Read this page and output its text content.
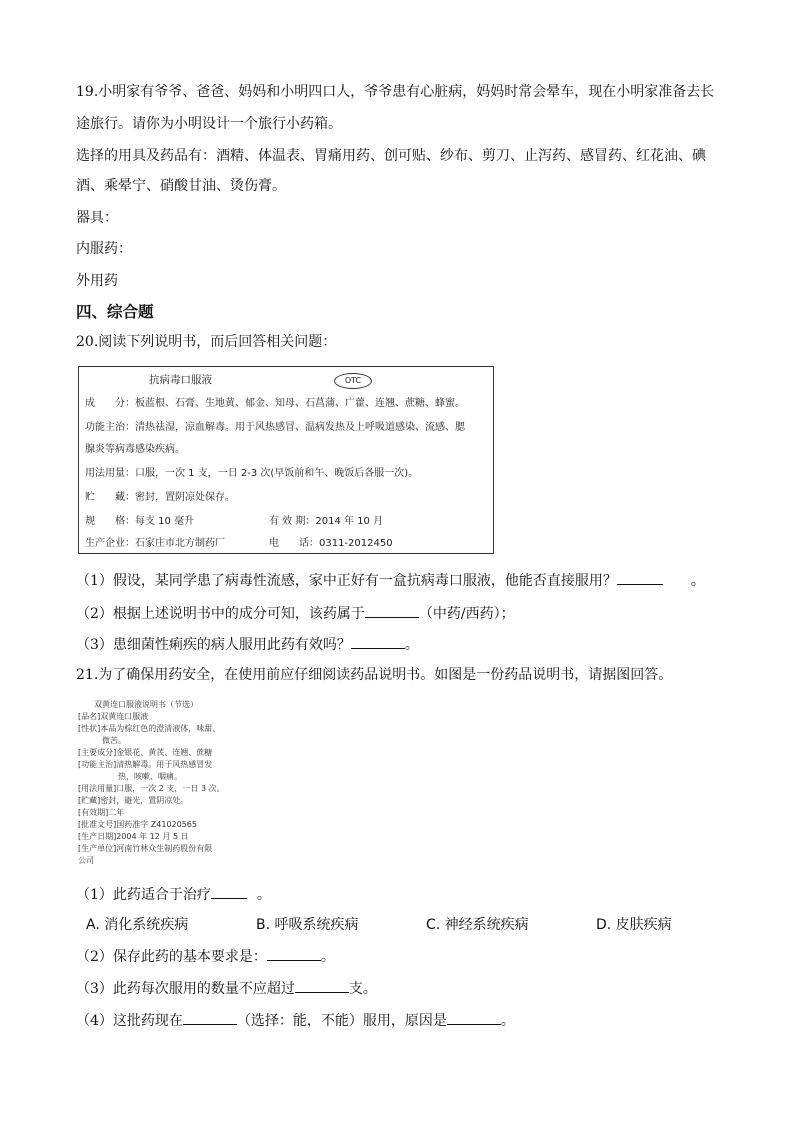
19.小明家有爷爷、爸爸、妈妈和小明四口人，爷爷患有心脏病，妈妈时常会晕车，现在小明家准备去长
途旅行。请你为小明设计一个旅行小药箱。
选择的用具及药品有：酒精、体温表、胃痛用药、创可贴、纱布、剪刀、止泻药、感冒药、红花油、碘
酒、乘晕宁、硝酸甘油、烫伤膏。
器具：
内服药：
外用药
四、综合题
20.阅读下列说明书，而后回答相关问题：
抗病毒口服液	OTC
成　　分：板蓝根、石膏、生地黄、郁金、知母、石菖蒲、广藿、连翘、蔗糖、蜂蜜。
功能主治：清热祛湿，凉血解毒。用于风热感冒、温病发热及上呼吸道感染、流感、腮
腺炎等病毒感染疾病。
用法用量：口服，一次 1 支，一日 2-3 次(早饭前和午、晚饭后各服一次)。
贮　　藏：密封，置阴凉处保存。
规　　格：每支 10 毫升	有 效 期：2014 年 10 月
生产企业：石家庄市北方制药厂	电　　话：0311-2012450
（1）假设，某同学患了病毒性流感，家中正好有一盒抗病毒口服液，他能否直接服用？	。
（2）根据上述说明书中的成分可知，该药属于	（中药/西药）；
（3）患细菌性痢疾的病人服用此药有效吗？	。
21.为了确保用药安全，在使用前应仔细阅读药品说明书。如图是一份药品说明书，请据图回答。
双黄连口服液说明书（节选）
[品名]双黄连口服液
[性状]本品为棕红色的澄清液体，味甜、
　　　微苦。
[主要成分]金银花、黄芪、连翘、蔗糖
[功能主治]清热解毒。用于风热感冒发
　　　　　热，咳嗽、咽痛。
[用法用量]口服，一次 2 支，一日 3 次。
[贮藏]密封，避光，置阴凉处。
[有效期]二年
[批准文号]国药准字 Z41020565
[生产日期]2004 年 12 月 5 日
[生产单位]河南竹林众生制药股份有限
公司
（1）此药适合于治疗	。
A. 消化系统疾病	B. 呼吸系统疾病	C. 神经系统疾病	D. 皮肤疾病
（2）保存此药的基本要求是：	。
（3）此药每次服用的数量不应超过	支。
（4）这批药现在	（选择：能，不能）服用，原因是	。
